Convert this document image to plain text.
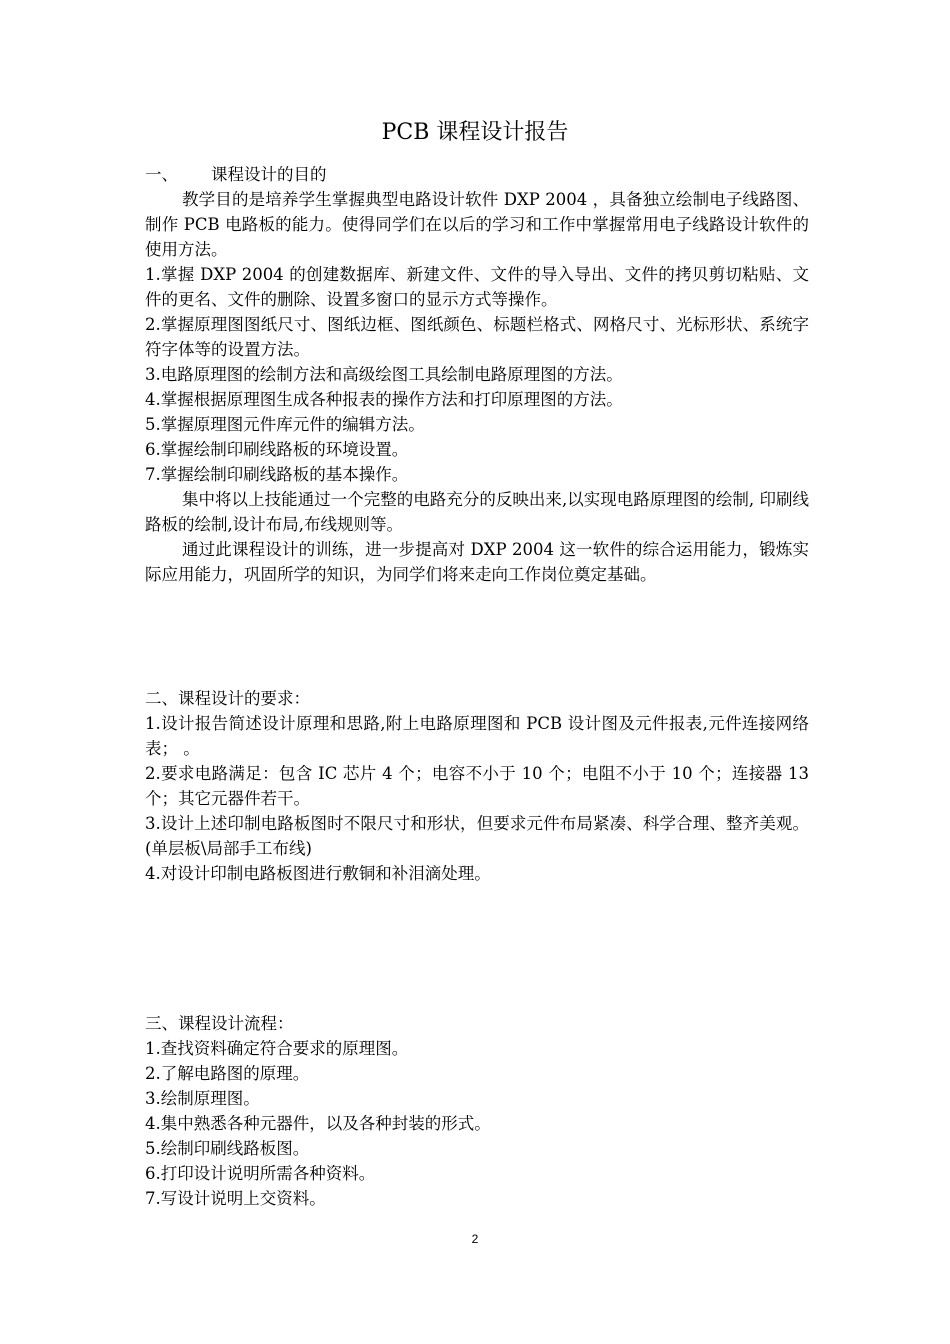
PCB 课程设计报告

一、	课程设计的目的

教学目的是培养学生掌握典型电路设计软件 DXP 2004 ，具备独立绘制电子线路图、制作 PCB 电路板的能力。使得同学们在以后的学习和工作中掌握常用电子线路设计软件的使用方法。

1.掌握 DXP 2004 的创建数据库、新建文件、文件的导入导出、文件的拷贝剪切粘贴、文件的更名、文件的删除、设置多窗口的显示方式等操作。

2.掌握原理图图纸尺寸、图纸边框、图纸颜色、标题栏格式、网格尺寸、光标形状、系统字符字体等的设置方法。

3.电路原理图的绘制方法和高级绘图工具绘制电路原理图的方法。

4.掌握根据原理图生成各种报表的操作方法和打印原理图的方法。

5.掌握原理图元件库元件的编辑方法。

6.掌握绘制印刷线路板的环境设置。

7.掌握绘制印刷线路板的基本操作。

集中将以上技能通过一个完整的电路充分的反映出来,以实现电路原理图的绘制, 印刷线路板的绘制,设计布局,布线规则等。

通过此课程设计的训练，进一步提高对 DXP 2004 这一软件的综合运用能力，锻炼实际应用能力，巩固所学的知识，为同学们将来走向工作岗位奠定基础。

二、课程设计的要求：

1.设计报告简述设计原理和思路,附上电路原理图和 PCB 设计图及元件报表,元件连接网络表； 。

2.要求电路满足：包含 IC 芯片 4 个；电容不小于 10 个；电阻不小于 10 个；连接器 13 个；其它元器件若干。

3.设计上述印制电路板图时不限尺寸和形状，但要求元件布局紧凑、科学合理、整齐美观。(单层板\局部手工布线)

4.对设计印制电路板图进行敷铜和补泪滴处理。

三、课程设计流程：

1.查找资料确定符合要求的原理图。

2.了解电路图的原理。

3.绘制原理图。

4.集中熟悉各种元器件，以及各种封装的形式。

5.绘制印刷线路板图。

6.打印设计说明所需各种资料。

7.写设计说明上交资料。

2
